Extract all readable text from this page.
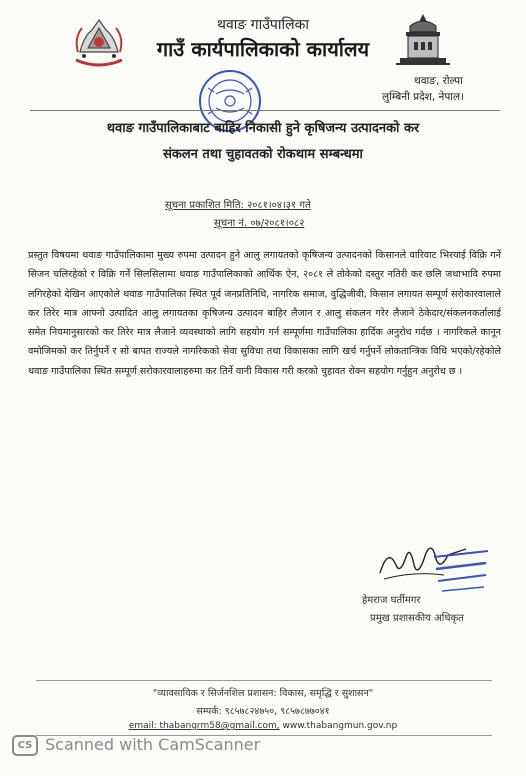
थवाङ गाउँपालिका
गाउँ कार्यपालिकाको कार्यालय
थवाङ, रोल्पा
लुम्बिनी प्रदेश, नेपाल।
थवाङ गाउँपालिकाबाट बाहिर निकासी हुने कृषिजन्य उत्पादनको कर
संकलन तथा चुहावतको रोकथाम सम्बन्धमा
सूचना प्रकाशित मिति: २०८१।०४।३१ गते
सूचना नं. ०७/२०८१।०८२
प्रस्तुत विषयमा थवाङ गाउँपालिकामा मुख्य रुपमा उत्पादन हुने आलु लगायतको कृषिजन्य उत्पादनको किसानले वारिवाट भिरयाई विक्रि गर्ने सिजन चलिरहेको र विक्रि गर्ने सिलसिलामा थवाङ गाउँपालिकाको आर्थिक ऐन, २०८१ ले तोकेको दस्तुर नतिरी कर छलि जथाभावि रुपमा लगिरहेको देखिन आएकोले थवाङ गाउँपालिका स्थित पूर्व जनप्रतिनिधि, नागरिक समाज, वुद्धिजीवी, किसान लगायत सम्पूर्ण सरोकारवालाले कर तिरेर मात्र आफ्नो उत्पादित आलु लगायतका कृषिजन्य उत्पादन बाहिर लैजान र आलु संकलन गरेर लैजाने ठेकेदार/संकलनकर्तालाई समेत नियमानुसारको कर तिरेर मात्र लैजाने व्यवस्थाको लागि सहयोग गर्न सम्पूर्णमा गाउँपालिका हार्दिक अनुरोध गर्दछ । नागरिकले कानून वमोजिमको कर तिर्नुपर्ने र सो बापत राज्यले नागरिकको सेवा सुविधा तथा विकासका लागि खर्च गर्नुपर्ने लोकतान्त्रिक विधि भएको/रहेकोले थवाङ गाउँपालिका स्थित सम्पूर्ण सरोकारवालाहरुमा कर तिर्ने वानी विकास गरी करको चुहावत रोक्न सहयोग गर्नुहुन अनुरोध छ ।
हेमराज घर्तीमगर
प्रमुख प्रशासकीय अधिकृत
"व्यावसायिक र सिर्जनशिल प्रशासन: विकास, समृद्धि र सुशासन"
सम्पर्क: ९८५७८२४७५०, ९८५७८७७०४१
email: thabangrm58@gmail.com, www.thabangmun.gov.np
CS Scanned with CamScanner
